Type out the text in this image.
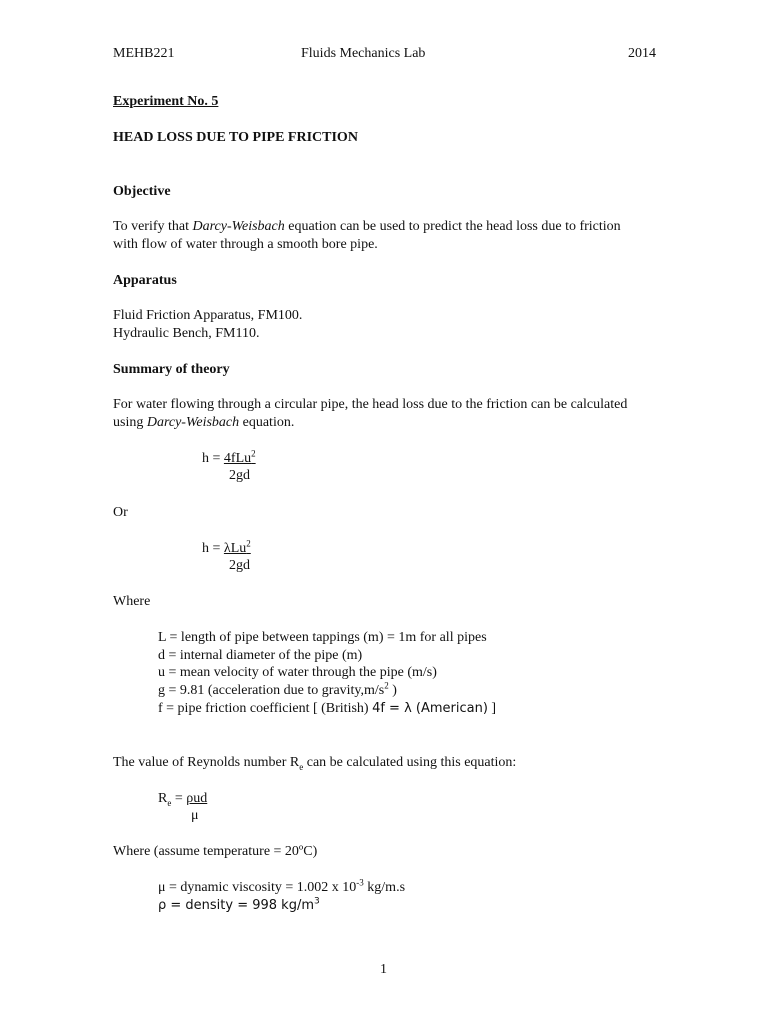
MEHB221	Fluids Mechanics Lab	2014
Experiment No. 5
HEAD LOSS DUE TO PIPE FRICTION
Objective
To verify that Darcy-Weisbach equation can be used to predict the head loss due to friction
with flow of water through a smooth bore pipe.
Apparatus
Fluid Friction Apparatus, FM100.
Hydraulic Bench, FM110.
Summary of theory
For water flowing through a circular pipe, the head loss due to the friction can be calculated
using Darcy-Weisbach equation.
h = 4fLu$^2$
2gd
Or
h = λLu$^2$
2gd
Where
L = length of pipe between tappings (m) = 1m for all pipes
d = internal diameter of the pipe (m)
u = mean velocity of water through the pipe (m/s)
g = 9.81 (acceleration due to $gravity,m/s^2$ )
f = pipe friction coefficient [ (British) 4f = λ (American) ]
The value of Reynolds number $R_e$ can be calculated using this equation:
$R_e = \rho ud$
μ
Where (assume temperature = 20ºC)
μ = dynamic viscosity = 1.002 x $10^{-3}$ kg/m.s
ρ = density = 998 $kg/m^3$
1
